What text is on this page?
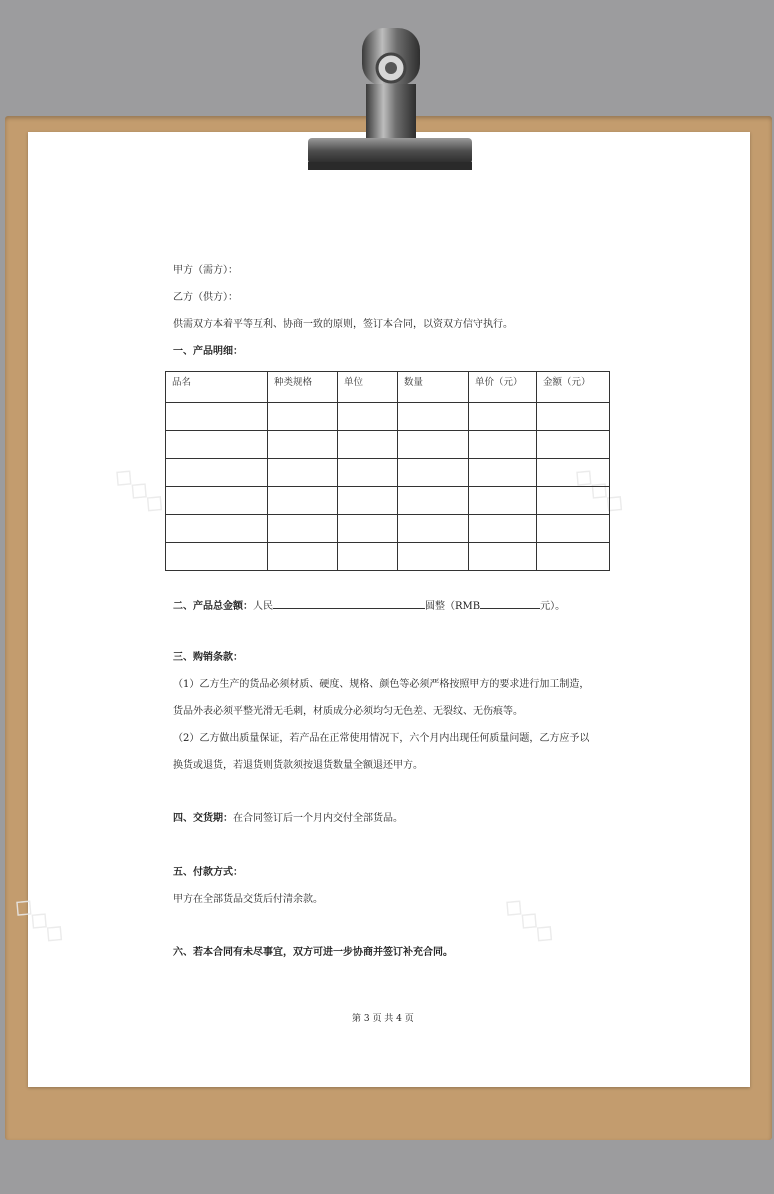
◇◇◇	◇◇◇
◇◇◇	◇◇◇
甲方（需方）：
乙方（供方）：
供需双方本着平等互利、协商一致的原则，签订本合同，以资双方信守执行。
一、产品明细：
品名	种类规格	单位	数量	单价（元）	金额（元）

二、产品总金额：人民	圆整（RMB	元）。
三、购销条款：
（1）乙方生产的货品必须材质、硬度、规格、颜色等必须严格按照甲方的要求进行加工制造，
货品外表必须平整光滑无毛刺，材质成分必须均匀无色差、无裂纹、无伤痕等。
（2）乙方做出质量保证，若产品在正常使用情况下，六个月内出现任何质量问题，乙方应予以
换货或退货，若退货则货款须按退货数量全额退还甲方。
四、交货期：在合同签订后一个月内交付全部货品。
五、付款方式：
甲方在全部货品交货后付清余款。
六、若本合同有未尽事宜，双方可进一步协商并签订补充合同。
第 3 页 共 4 页
